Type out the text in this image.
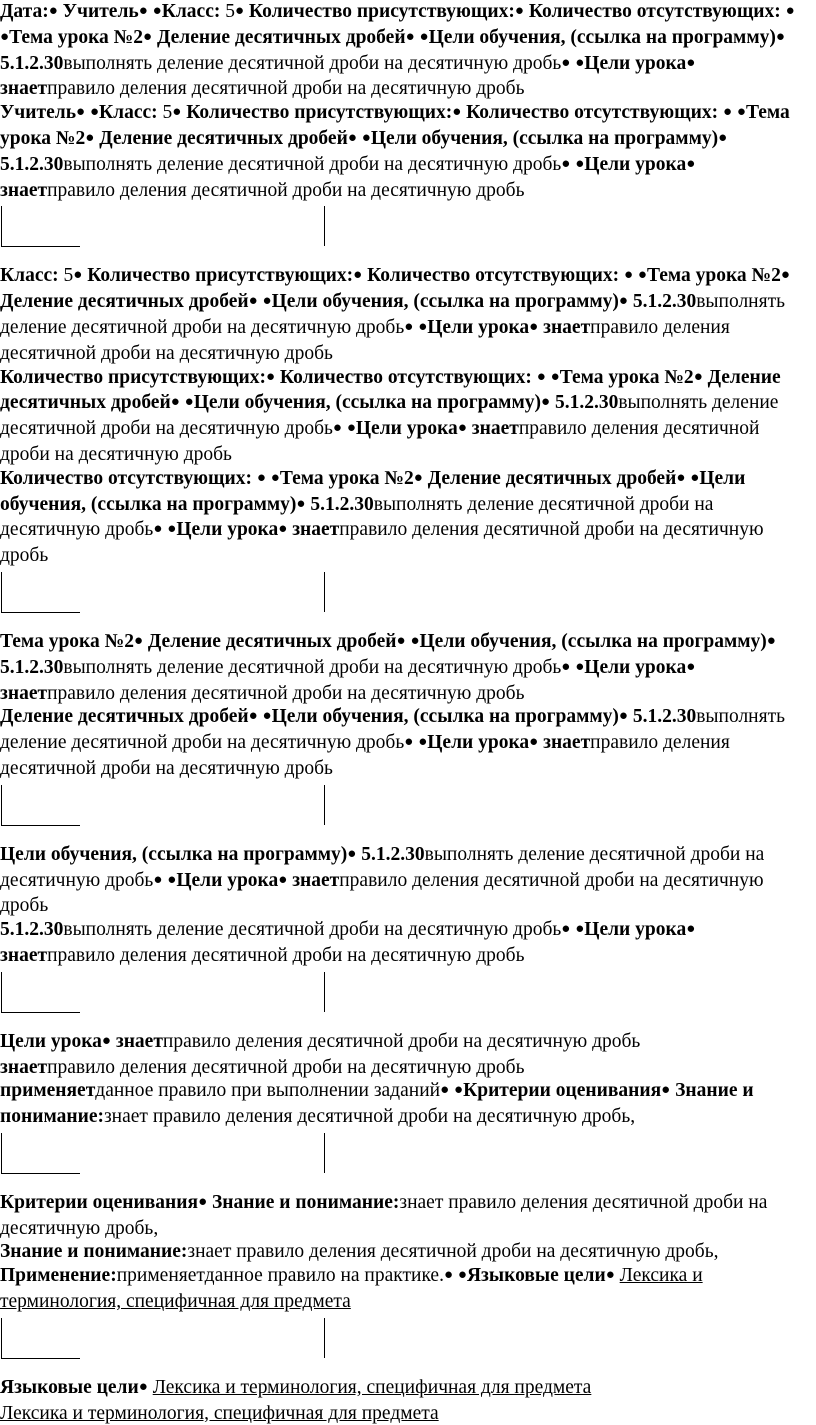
Дата:● Учитель● ●Класс: 5● Количество присутствующих:● Количество отсутствующих: ● ●Тема урока №2● Деление десятичных дробей● ●Цели обучения, (ссылка на программу)● 5.1.2.30выполнять деление десятичной дроби на десятичную дробь● ●Цели урока● знаетправило деления десятичной дроби на десятичную дробь

Учитель● ●Класс: 5● Количество присутствующих:● Количество отсутствующих: ● ●Тема урока №2● Деление десятичных дробей● ●Цели обучения, (ссылка на программу)● 5.1.2.30выполнять деление десятичной дроби на десятичную дробь● ●Цели урока● знаетправило деления десятичной дроби на десятичную дробь

Класс: 5● Количество присутствующих:● Количество отсутствующих: ● ●Тема урока №2● Деление десятичных дробей● ●Цели обучения, (ссылка на программу)● 5.1.2.30выполнять деление десятичной дроби на десятичную дробь● ●Цели урока● знаетправило деления десятичной дроби на десятичную дробь

Количество присутствующих:● Количество отсутствующих: ● ●Тема урока №2● Деление десятичных дробей● ●Цели обучения, (ссылка на программу)● 5.1.2.30выполнять деление десятичной дроби на десятичную дробь● ●Цели урока● знаетправило деления десятичной дроби на десятичную дробь

Количество отсутствующих: ● ●Тема урока №2● Деление десятичных дробей● ●Цели обучения, (ссылка на программу)● 5.1.2.30выполнять деление десятичной дроби на десятичную дробь● ●Цели урока● знаетправило деления десятичной дроби на десятичную дробь

Тема урока №2● Деление десятичных дробей● ●Цели обучения, (ссылка на программу)● 5.1.2.30выполнять деление десятичной дроби на десятичную дробь● ●Цели урока● знаетправило деления десятичной дроби на десятичную дробь

Деление десятичных дробей● ●Цели обучения, (ссылка на программу)● 5.1.2.30выполнять деление десятичной дроби на десятичную дробь● ●Цели урока● знаетправило деления десятичной дроби на десятичную дробь

Цели обучения, (ссылка на программу)● 5.1.2.30выполнять деление десятичной дроби на десятичную дробь● ●Цели урока● знаетправило деления десятичной дроби на десятичную дробь

5.1.2.30выполнять деление десятичной дроби на десятичную дробь● ●Цели урока● знаетправило деления десятичной дроби на десятичную дробь

Цели урока● знаетправило деления десятичной дроби на десятичную дробь

знаетправило деления десятичной дроби на десятичную дробь

применяетданное правило при выполнении заданий● ●Критерии оценивания● Знание и понимание:знает правило деления десятичной дроби на десятичную дробь,

Критерии оценивания● Знание и понимание:знает правило деления десятичной дроби на десятичную дробь,

Знание и понимание:знает правило деления десятичной дроби на десятичную дробь,

Применение:применяетданное правило на практике.● ●Языковые цели● Лексика и терминология, специфичная для предмета

Языковые цели● Лексика и терминология, специфичная для предмета

Лексика и терминология, специфичная для предмета
